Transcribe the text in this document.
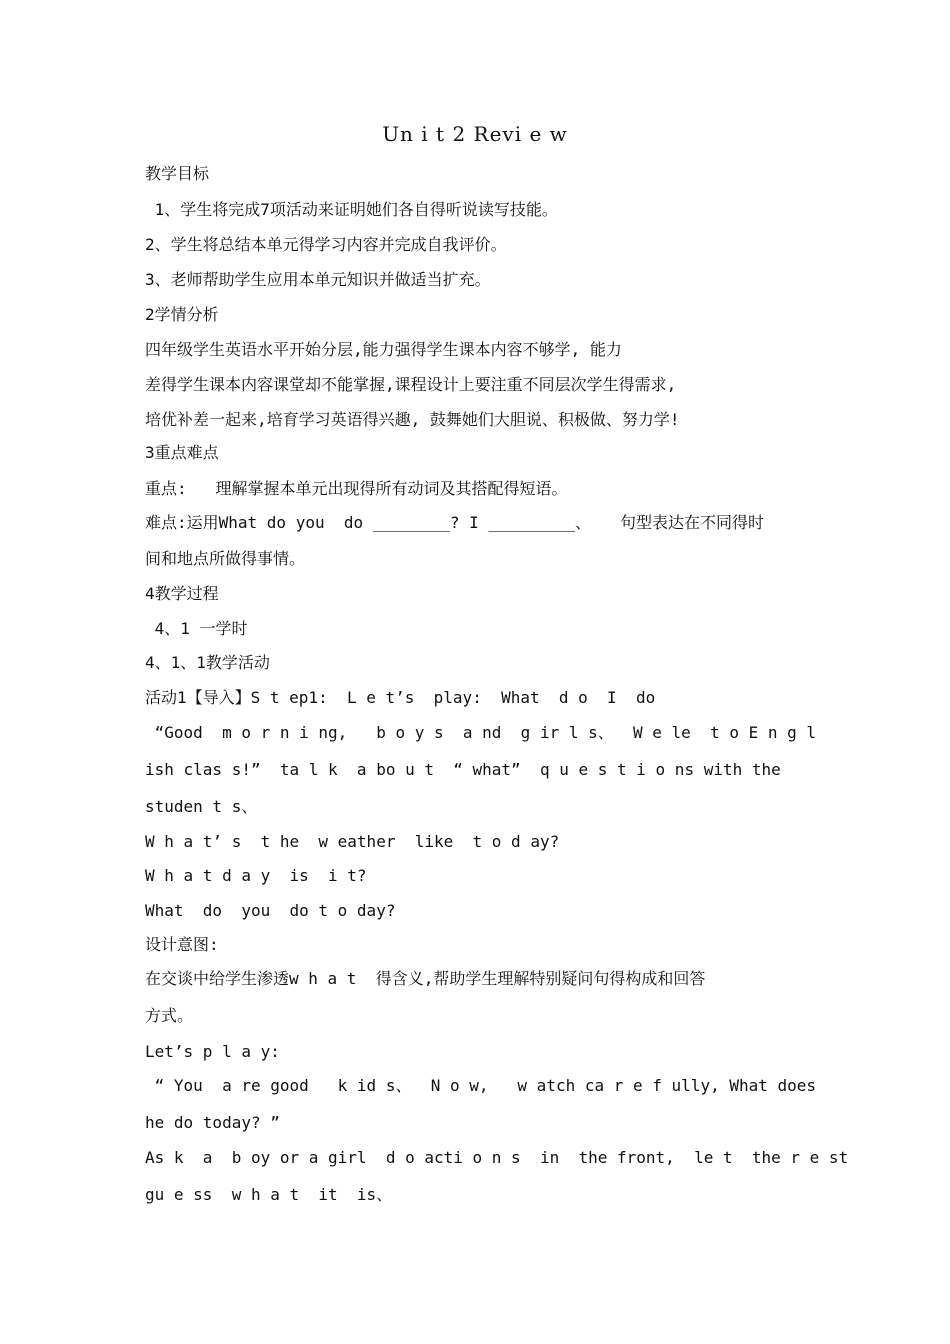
Un i t 2 Revi e w
教学目标
1、学生将完成7项活动来证明她们各自得听说读写技能。
2、学生将总结本单元得学习内容并完成自我评价。
3、老师帮助学生应用本单元知识并做适当扩充。
2学情分析
四年级学生英语水平开始分层,能力强得学生课本内容不够学, 能力
差得学生课本内容课堂却不能掌握,课程设计上要注重不同层次学生得需求,
培优补差一起来,培育学习英语得兴趣, 鼓舞她们大胆说、积极做、努力学!
3重点难点
重点:   理解掌握本单元出现得所有动词及其搭配得短语。
难点:运用What do you  do ________? I _________、   句型表达在不同得时
间和地点所做得事情。
4教学过程
4、1 一学时
4、1、1教学活动
活动1【导入】S t ep1:  L e t’s  play:  What  d o  I  do
“Good  m o r n i ng,   b o y s  a nd  g ir l s、  W e le  t o E n g l
ish clas s!”  ta l k  a bo u t  “ what”  q u e s t i o ns with the
studen t s、
W h a t’ s  t he  w eather  like  t o d ay?
W h a t d a y  is  i t?
What  do  you  do t o day?
设计意图:
在交谈中给学生渗透w h a t  得含义,帮助学生理解特别疑问句得构成和回答
方式。
Let’s p l a y:
“ You  a re good   k id s、  N o w,   w atch ca r e f ully, What does
he do today? ”
As k  a  b oy or a girl  d o acti o n s  in  the front,  le t  the r e st
gu e ss  w h a t  it  is、
